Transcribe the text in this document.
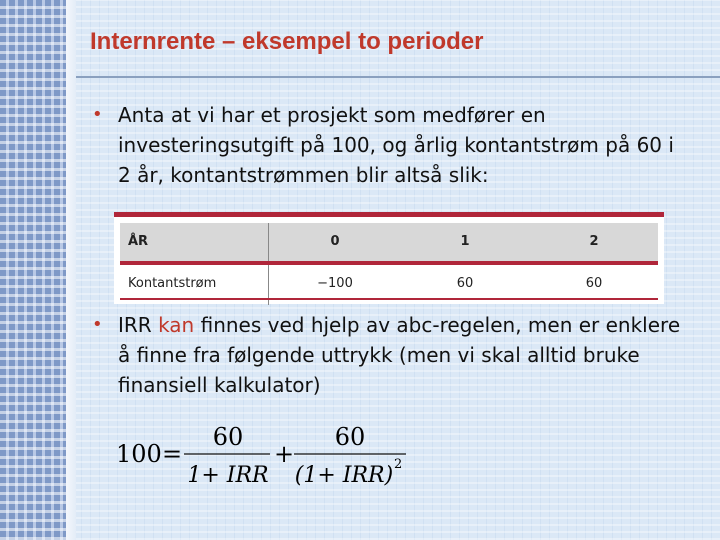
Internrente – eksempel to perioder
• Anta at vi har et prosjekt som medfører en investeringsutgift på 100, og årlig kontantstrøm på 60 i 2 år, kontantstrømmen blir altså slik:
ÅR	0	1	2
Kontantstrøm	−100	60	60
• IRR kan finnes ved hjelp av abc-regelen, men er enklere å finne fra følgende uttrykk (men vi skal alltid bruke finansiell kalkulator)
100 =
60
1+ IRR
+
60
(1+ IRR) 2
